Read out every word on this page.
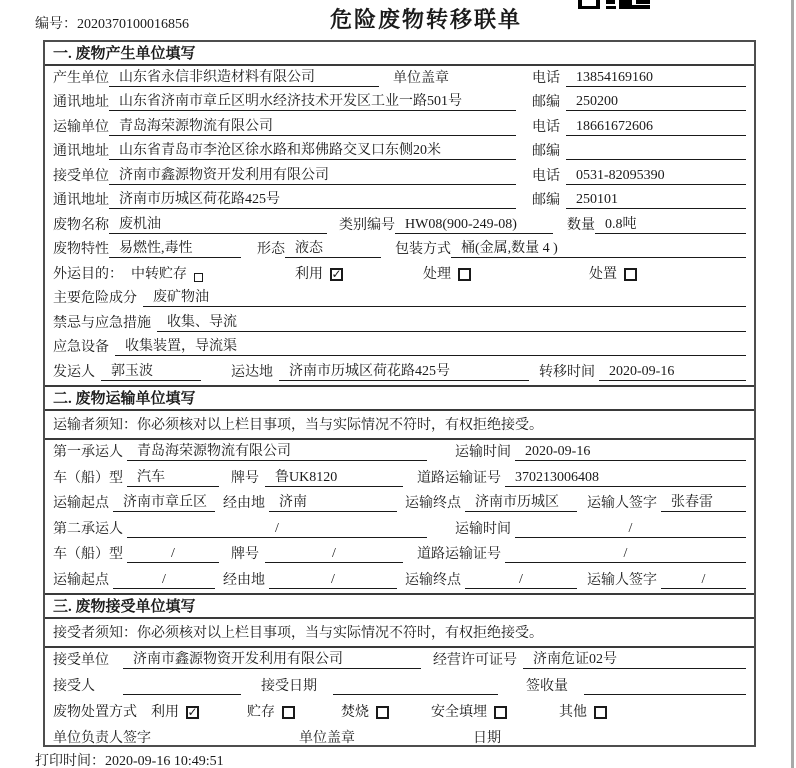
编号：2020370100016856	危险废物转移联单
一. 废物产生单位填写
产生单位 山东省永信非织造材料有限公司	单位盖章	电话	13854169160
通讯地址 山东省济南市章丘区明水经济技术开发区工业一路501号	邮编	250200
运输单位 青岛海荣源物流有限公司	电话	18661672606
通讯地址 山东省青岛市李沧区徐水路和郑佛路交叉口东侧20米	邮编
接受单位 济南市鑫源物资开发利用有限公司	电话	0531-82095390
通讯地址 济南市历城区荷花路425号	邮编	250101
废物名称 废机油	类别编号 HW08(900-249-08)	数量 0.8吨
废物特性 易燃性,毒性	形态 液态	包装方式 桶(金属,数量 4 )
外运目的： 中转贮存	利用 ✓	处理	处置
主要危险成分	废矿物油
禁忌与应急措施	收集、导流
应急设备	收集装置，导流渠
发运人	郭玉波	运达地	济南市历城区荷花路425号	转移时间	2020-09-16
二. 废物运输单位填写
运输者须知： 你必须核对以上栏目事项，当与实际情况不符时，有权拒绝接受。
第一承运人	青岛海荣源物流有限公司	运输时间	2020-09-16
车（船）型	汽车	牌号	鲁UK8120	道路运输证号	370213006408
运输起点	济南市章丘区	经由地	济南	运输终点	济南市历城区	运输人签字	张春雷
第二承运人	/	运输时间	/
车（船）型	/	牌号	/	道路运输证号	/
运输起点	/	经由地	/	运输终点	/	运输人签字	/
三. 废物接受单位填写
接受者须知： 你必须核对以上栏目事项，当与实际情况不符时，有权拒绝接受。
接受单位	济南市鑫源物资开发利用有限公司	经营许可证号	济南危证02号
接受人	接受日期	签收量
废物处置方式 利用 ✓	贮存	焚烧	安全填埋	其他
单位负责人签字	单位盖章	日期
打印时间：2020-09-16 10:49:51
